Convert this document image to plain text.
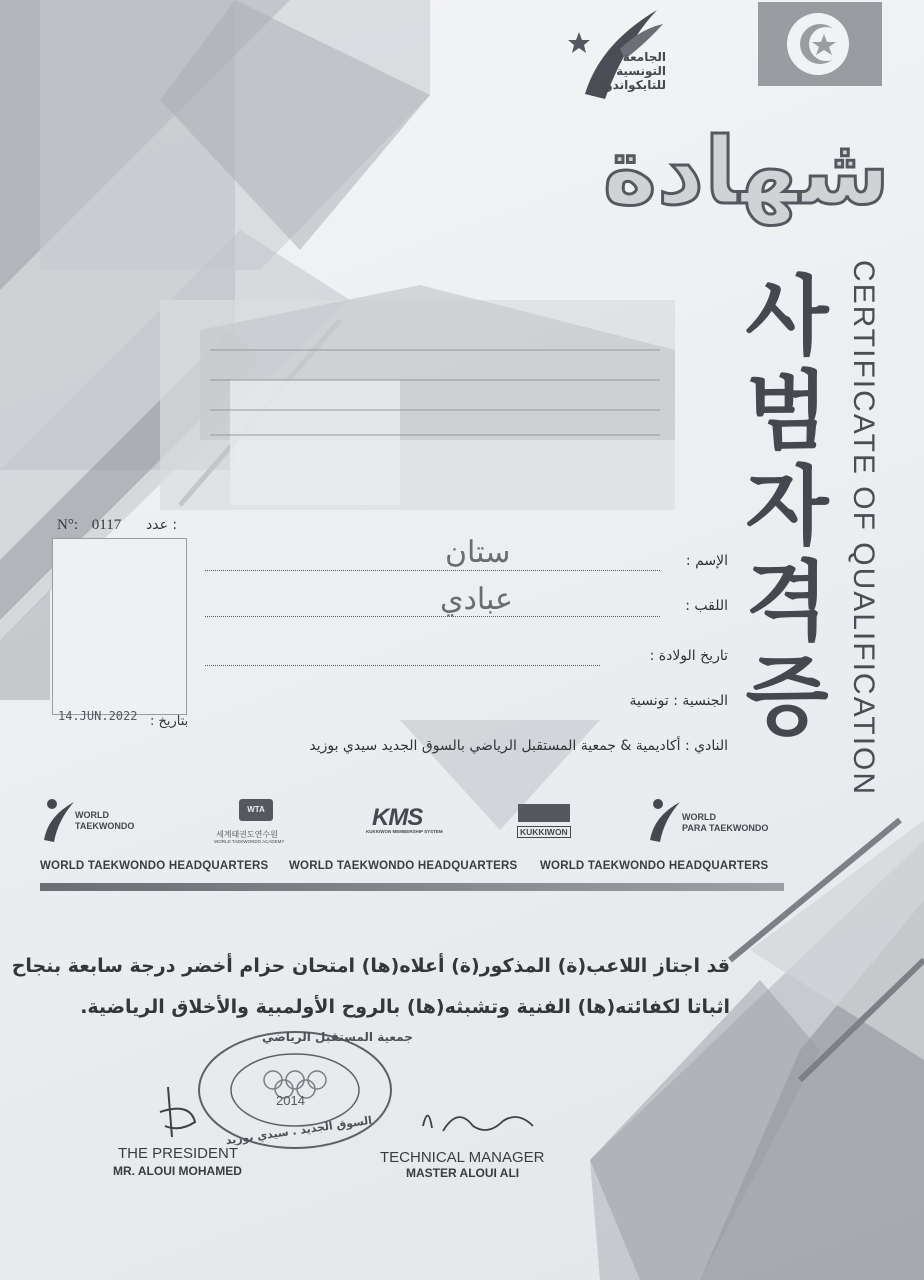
الجامعة
التونسية
للتايكواندو
شهادة
사
범
자
격
증 CERTIFICATE OF QUALIFICATION
N°: 0117 : عدد
14.JUN.2022 بتاريخ :
الإسم :
ستان
اللقب :
عبادي
تاريخ الولادة :
الجنسية : تونسية
النادي : أكاديمية & جمعية المستقبل الرياضي بالسوق الجديد سيدي بوزيد
WORLD
TAEKWONDO
WTA
세계태권도연수원
WORLD TAEKWONDO ACADEMY
KMS
KUKKIWON MEMBERSHIP SYSTEM	KUKKIWON
WORLD
PARA TAEKWONDO
WORLD TAEKWONDO HEADQUARTERS WORLD TAEKWONDO HEADQUARTERS WORLD TAEKWONDO HEADQUARTERS
قد اجتاز اللاعب(ة) المذكور(ة) أعلاه(ها) امتحان حزام أخضر درجة سابعة بنجاح
اثباتا لكفائته(ها) الفنية وتشبثه(ها) بالروح الأولمبية والأخلاق الرياضية.
جمعية المستقبل الرياضي
2014
السوق الجديد . سيدي بوزيد
THE PRESIDENT
MR. ALOUI MOHAMED
TECHNICAL MANAGER
MASTER ALOUI ALI
